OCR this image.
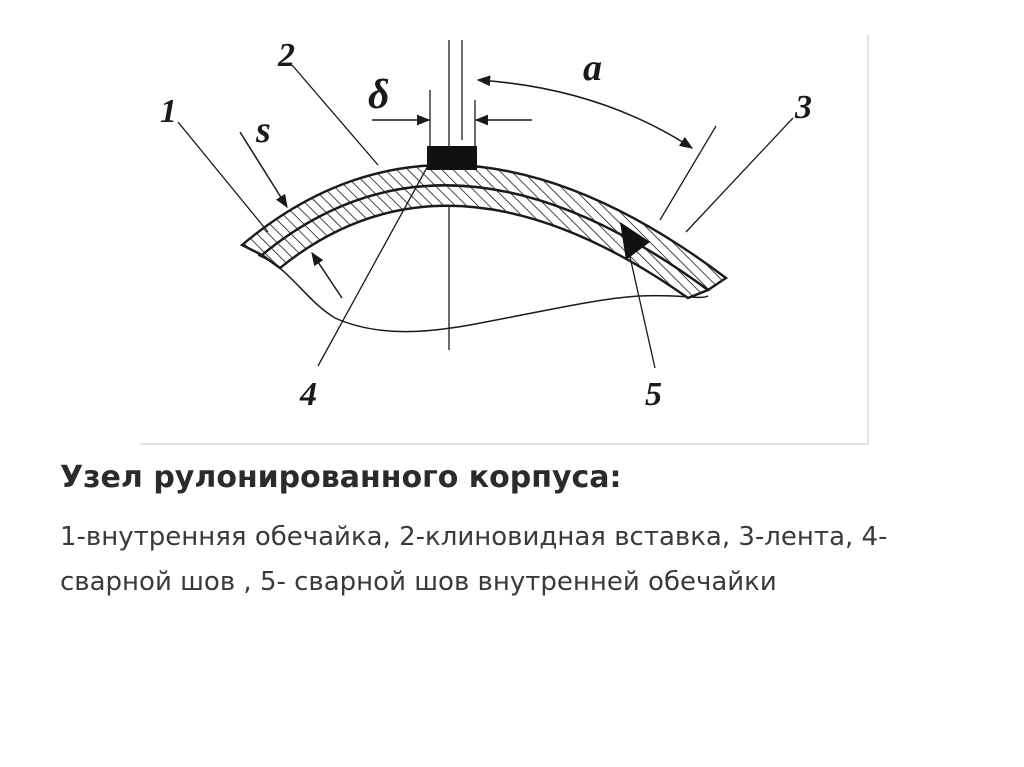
δ
a
s
1
2
3
4	5
Узел рулонированного корпуса:

1-внутренняя обечайка, 2-клиновидная вставка, 3-лента, 4-сварной шов , 5- сварной шов внутренней обечайки
